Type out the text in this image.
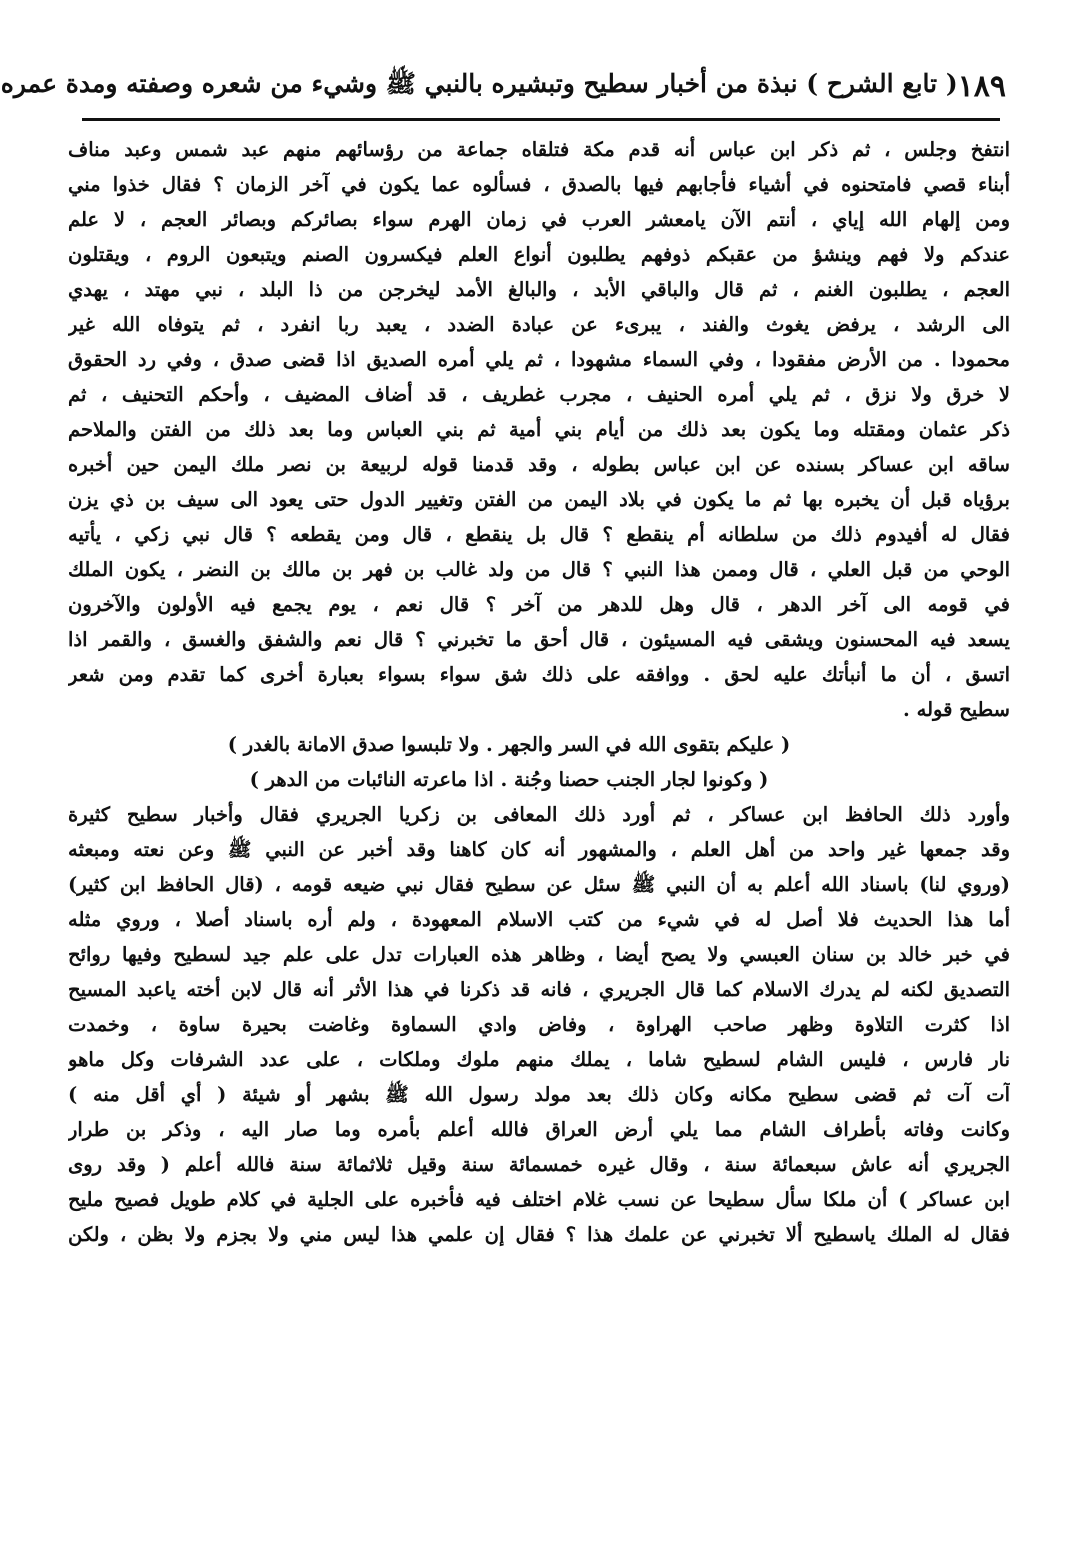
١٨٩
( تابع الشرح ) نبذة من أخبار سطيح وتبشيره بالنبي ﷺ وشيء من شعره وصفته ومدة عمره
انتفخ وجلس ، ثم ذكر ابن عباس أنه قدم مكة فتلقاه جماعة من رؤسائهم منهم عبد شمس وعبد مناف
أبناء قصي فامتحنوه في أشياء فأجابهم فيها بالصدق ، فسألوه عما يكون في آخر الزمان ؟ فقال خذوا مني
ومن إلهام الله إياي ، أنتم الآن يامعشر العرب في زمان الهرم سواء بصائركم وبصائر العجم ، لا علم
عندكم ولا فهم وينشؤ من عقبكم ذوفهم يطلبون أنواع العلم فيكسرون الصنم ويتبعون الروم ، ويقتلون
العجم ، يطلبون الغنم ، ثم قال والباقي الأبد ، والبالغ الأمد ليخرجن من ذا البلد ، نبي مهتد ، يهدي
الى الرشد ، يرفض يغوث والفند ، يبرىء عن عبادة الضدد ، يعبد ربا انفرد ، ثم يتوفاه الله غير
محمودا . من الأرض مفقودا ، وفي السماء مشهودا ، ثم يلي أمره الصديق اذا قضى صدق ، وفي رد الحقوق
لا خرق ولا نزق ، ثم يلي أمره الحنيف ، مجرب غطريف ، قد أضاف المضيف ، وأحكم التحنيف ، ثم
ذكر عثمان ومقتله وما يكون بعد ذلك من أيام بني أمية ثم بني العباس وما بعد ذلك من الفتن والملاحم
ساقه ابن عساكر بسنده عن ابن عباس بطوله ، وقد قدمنا قوله لربيعة بن نصر ملك اليمن حين أخبره
برؤياه قبل أن يخبره بها ثم ما يكون في بلاد اليمن من الفتن وتغيير الدول حتى يعود الى سيف بن ذي يزن
فقال له أفيدوم ذلك من سلطانه أم ينقطع ؟ قال بل ينقطع ، قال ومن يقطعه ؟ قال نبي زكي ، يأتيه
الوحي من قبل العلي ، قال وممن هذا النبي ؟ قال من ولد غالب بن فهر بن مالك بن النضر ، يكون الملك
في قومه الى آخر الدهر ، قال وهل للدهر من آخر ؟ قال نعم ، يوم يجمع فيه الأولون والآخرون
يسعد فيه المحسنون ويشقى فيه المسيئون ، قال أحق ما تخبرني ؟ قال نعم والشفق والغسق ، والقمر اذا
اتسق ، أن ما أنبأتك عليه لحق . ووافقه على ذلك شق سواء بسواء بعبارة أخرى كما تقدم ومن شعر
سطيح قوله .
( عليكم بتقوى الله في السر والجهر . ولا تلبسوا صدق الامانة بالغدر )
( وكونوا لجار الجنب حصنا وجُنة . اذا ماعرته النائبات من الدهر )
وأورد ذلك الحافظ ابن عساكر ، ثم أورد ذلك المعافى بن زكريا الجريري فقال وأخبار سطيح كثيرة
وقد جمعها غير واحد من أهل العلم ، والمشهور أنه كان كاهنا وقد أخبر عن النبي ﷺ وعن نعته ومبعثه
(وروي لنا) باسناد الله أعلم به أن النبي ﷺ سئل عن سطيح فقال نبي ضيعه قومه ، (قال الحافظ ابن كثير)
أما هذا الحديث فلا أصل له في شيء من كتب الاسلام المعهودة ، ولم أره باسناد أصلا ، وروي مثله
في خبر خالد بن سنان العبسي ولا يصح أيضا ، وظاهر هذه العبارات تدل على علم جيد لسطيح وفيها روائح
التصديق لكنه لم يدرك الاسلام كما قال الجريري ، فانه قد ذكرنا في هذا الأثر أنه قال لابن أخته ياعبد المسيح
اذا كثرت التلاوة وظهر صاحب الهراوة ، وفاض وادي السماوة وغاضت بحيرة ساوة ، وخمدت
نار فارس ، فليس الشام لسطيح شاما ، يملك منهم ملوك وملكات ، على عدد الشرفات وكل ماهو
آت آت ثم قضى سطيح مكانه وكان ذلك بعد مولد رسول الله ﷺ بشهر أو شيئة ( أي أقل منه )
وكانت وفاته بأطراف الشام مما يلي أرض العراق فالله أعلم بأمره وما صار اليه ، وذكر بن طرار
الجريري أنه عاش سبعمائة سنة ، وقال غيره خمسمائة سنة وقيل ثلاثمائة سنة فالله أعلم ( وقد روى
ابن عساكر ) أن ملكا سأل سطيحا عن نسب غلام اختلف فيه فأخبره على الجلية في كلام طويل فصيح مليح
فقال له الملك ياسطيح ألا تخبرني عن علمك هذا ؟ فقال إن علمي هذا ليس مني ولا بجزم ولا بظن ، ولكن
